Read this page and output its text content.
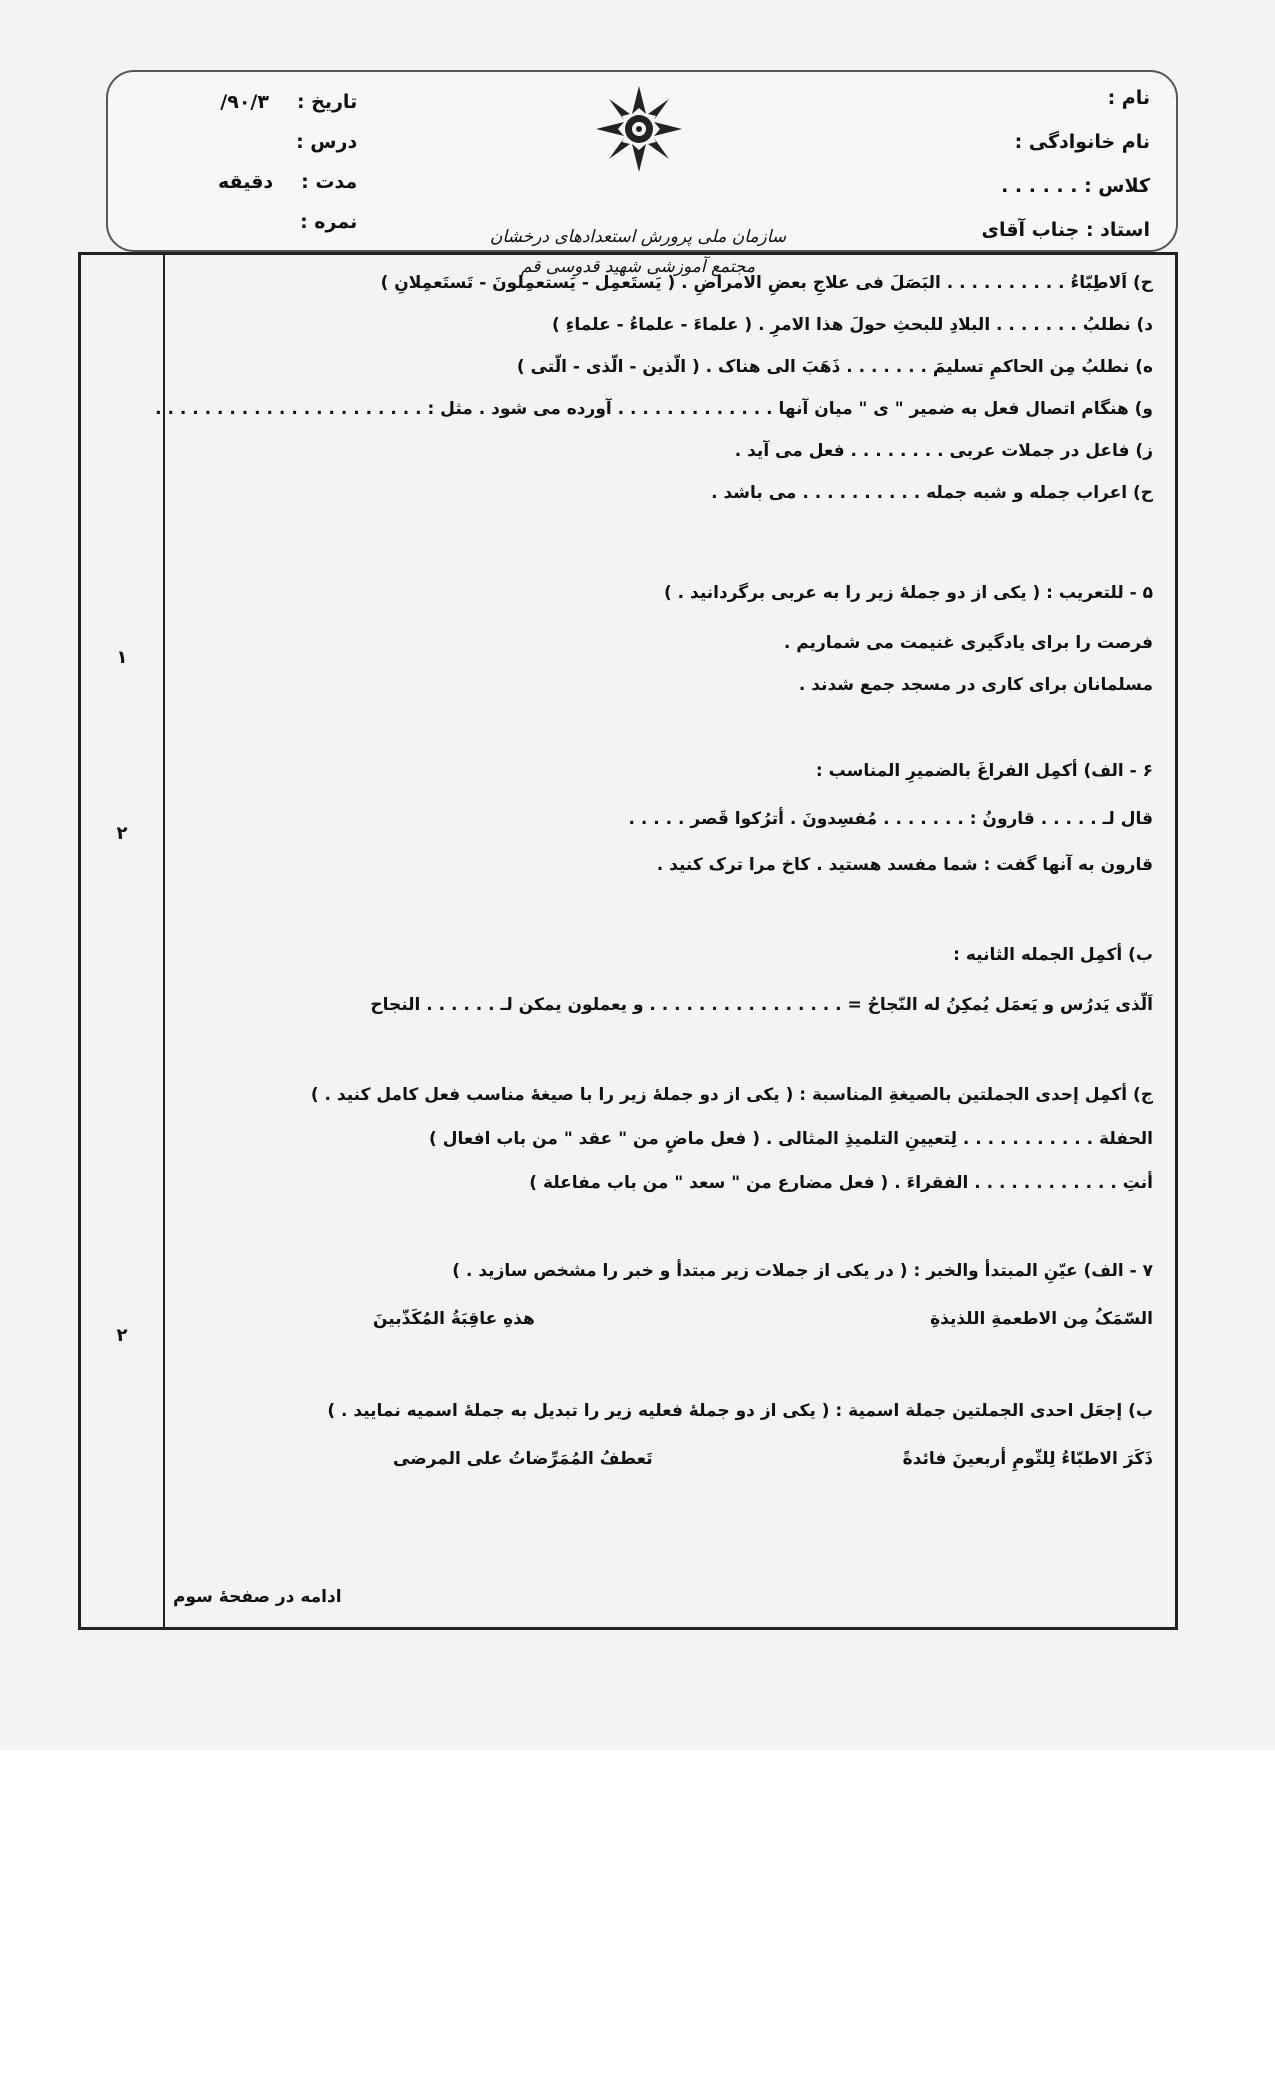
نام :
نام خانوادگی :
کلاس : . . . . . .
استاد : جناب آقای
تاریخ :
۹۰/۳/
درس :
مدت :
دقیقه
نمره :
سازمان ملی پرورش استعدادهای درخشان
مجتمع آموزشی شهید قدوسی قم
۱
۲
۲
ح) اَلاطِبّاءُ . . . . . . . . . . البَصَلَ فی علاجِ بعضِ الامراضِ . ( یَستَعمِل - یَستعمِلونَ - تَستَعمِلانِ )
د) نطلبُ . . . . . . . البلادِ للبحثِ حولَ هذا الامرِ . ( علماءَ - علماءُ - علماءِ )
ه) نطلبُ مِن الحاکمِ تسلیمَ . . . . . . . ذَهَبَ الی هناک . ( الّذین - الّذی - الّتی )
و) هنگام اتصال فعل به ضمیر " ی " میان آنها . . . . . . . . . . . . . آورده می شود . مثل : . . . . . . . . . . . . . . . . . . . . . .
ز) فاعل در جملات عربی . . . . . . . . فعل می آید .
ح) اعراب جمله و شبه جمله . . . . . . . . . . می باشد .
۵ - للتعریب : ( یکی از دو جملهٔ زیر را به عربی برگردانید . )
فرصت را برای یادگیری غنیمت می شماریم .
مسلمانان برای کاری در مسجد جمع شدند .
۶ - الف) أکمِل الفراغَ بالضمیرِ المناسب :
قال لـ . . . . . قارونُ : . . . . . . . مُفسِدونَ . أترُکوا قَصر . . . . .
قارون به آنها گفت : شما مفسد هستید . کاخ مرا ترک کنید .
ب) أکمِل الجمله الثانیه :
اَلّذی یَدرُس و یَعمَل یُمکِنُ له النّجاحُ = . . . . . . . . . . . . . . . . و یعملون یمکن لـ . . . . . . النجاح
ج) أکمِل إحدی الجملتین بالصیغةِ المناسبة : ( یکی از دو جملهٔ زیر را با صیغهٔ مناسب فعل کامل کنید . )
الحفلة . . . . . . . . . . . لِتعیینِ التلمیذِ المثالی . ( فعل ماضٍ من " عقد " من باب افعال )
أنتِ . . . . . . . . . . . . الفقراءَ . ( فعل مضارع من " سعد " من باب مفاعلة )
۷ - الف) عیّنِ المبتدأ والخبر : ( در یکی از جملات زیر مبتدأ و خبر را مشخص سازید . )
السّمَکُ مِن الاطعمةِ اللذیذةِ
هذهِ عاقِبَةُ المُکَذّبینَ
ب) إجعَل احدی الجملتین جملة اسمیة : ( یکی از دو جملهٔ فعلیه زیر را تبدیل به جملهٔ اسمیه نمایید . )
ذَکَرَ الاطبّاءُ لِلثّومِ أربعینَ فائدةً
تَعطفُ المُمَرِّضاتُ علی المرضی
ادامه در صفحهٔ سوم
